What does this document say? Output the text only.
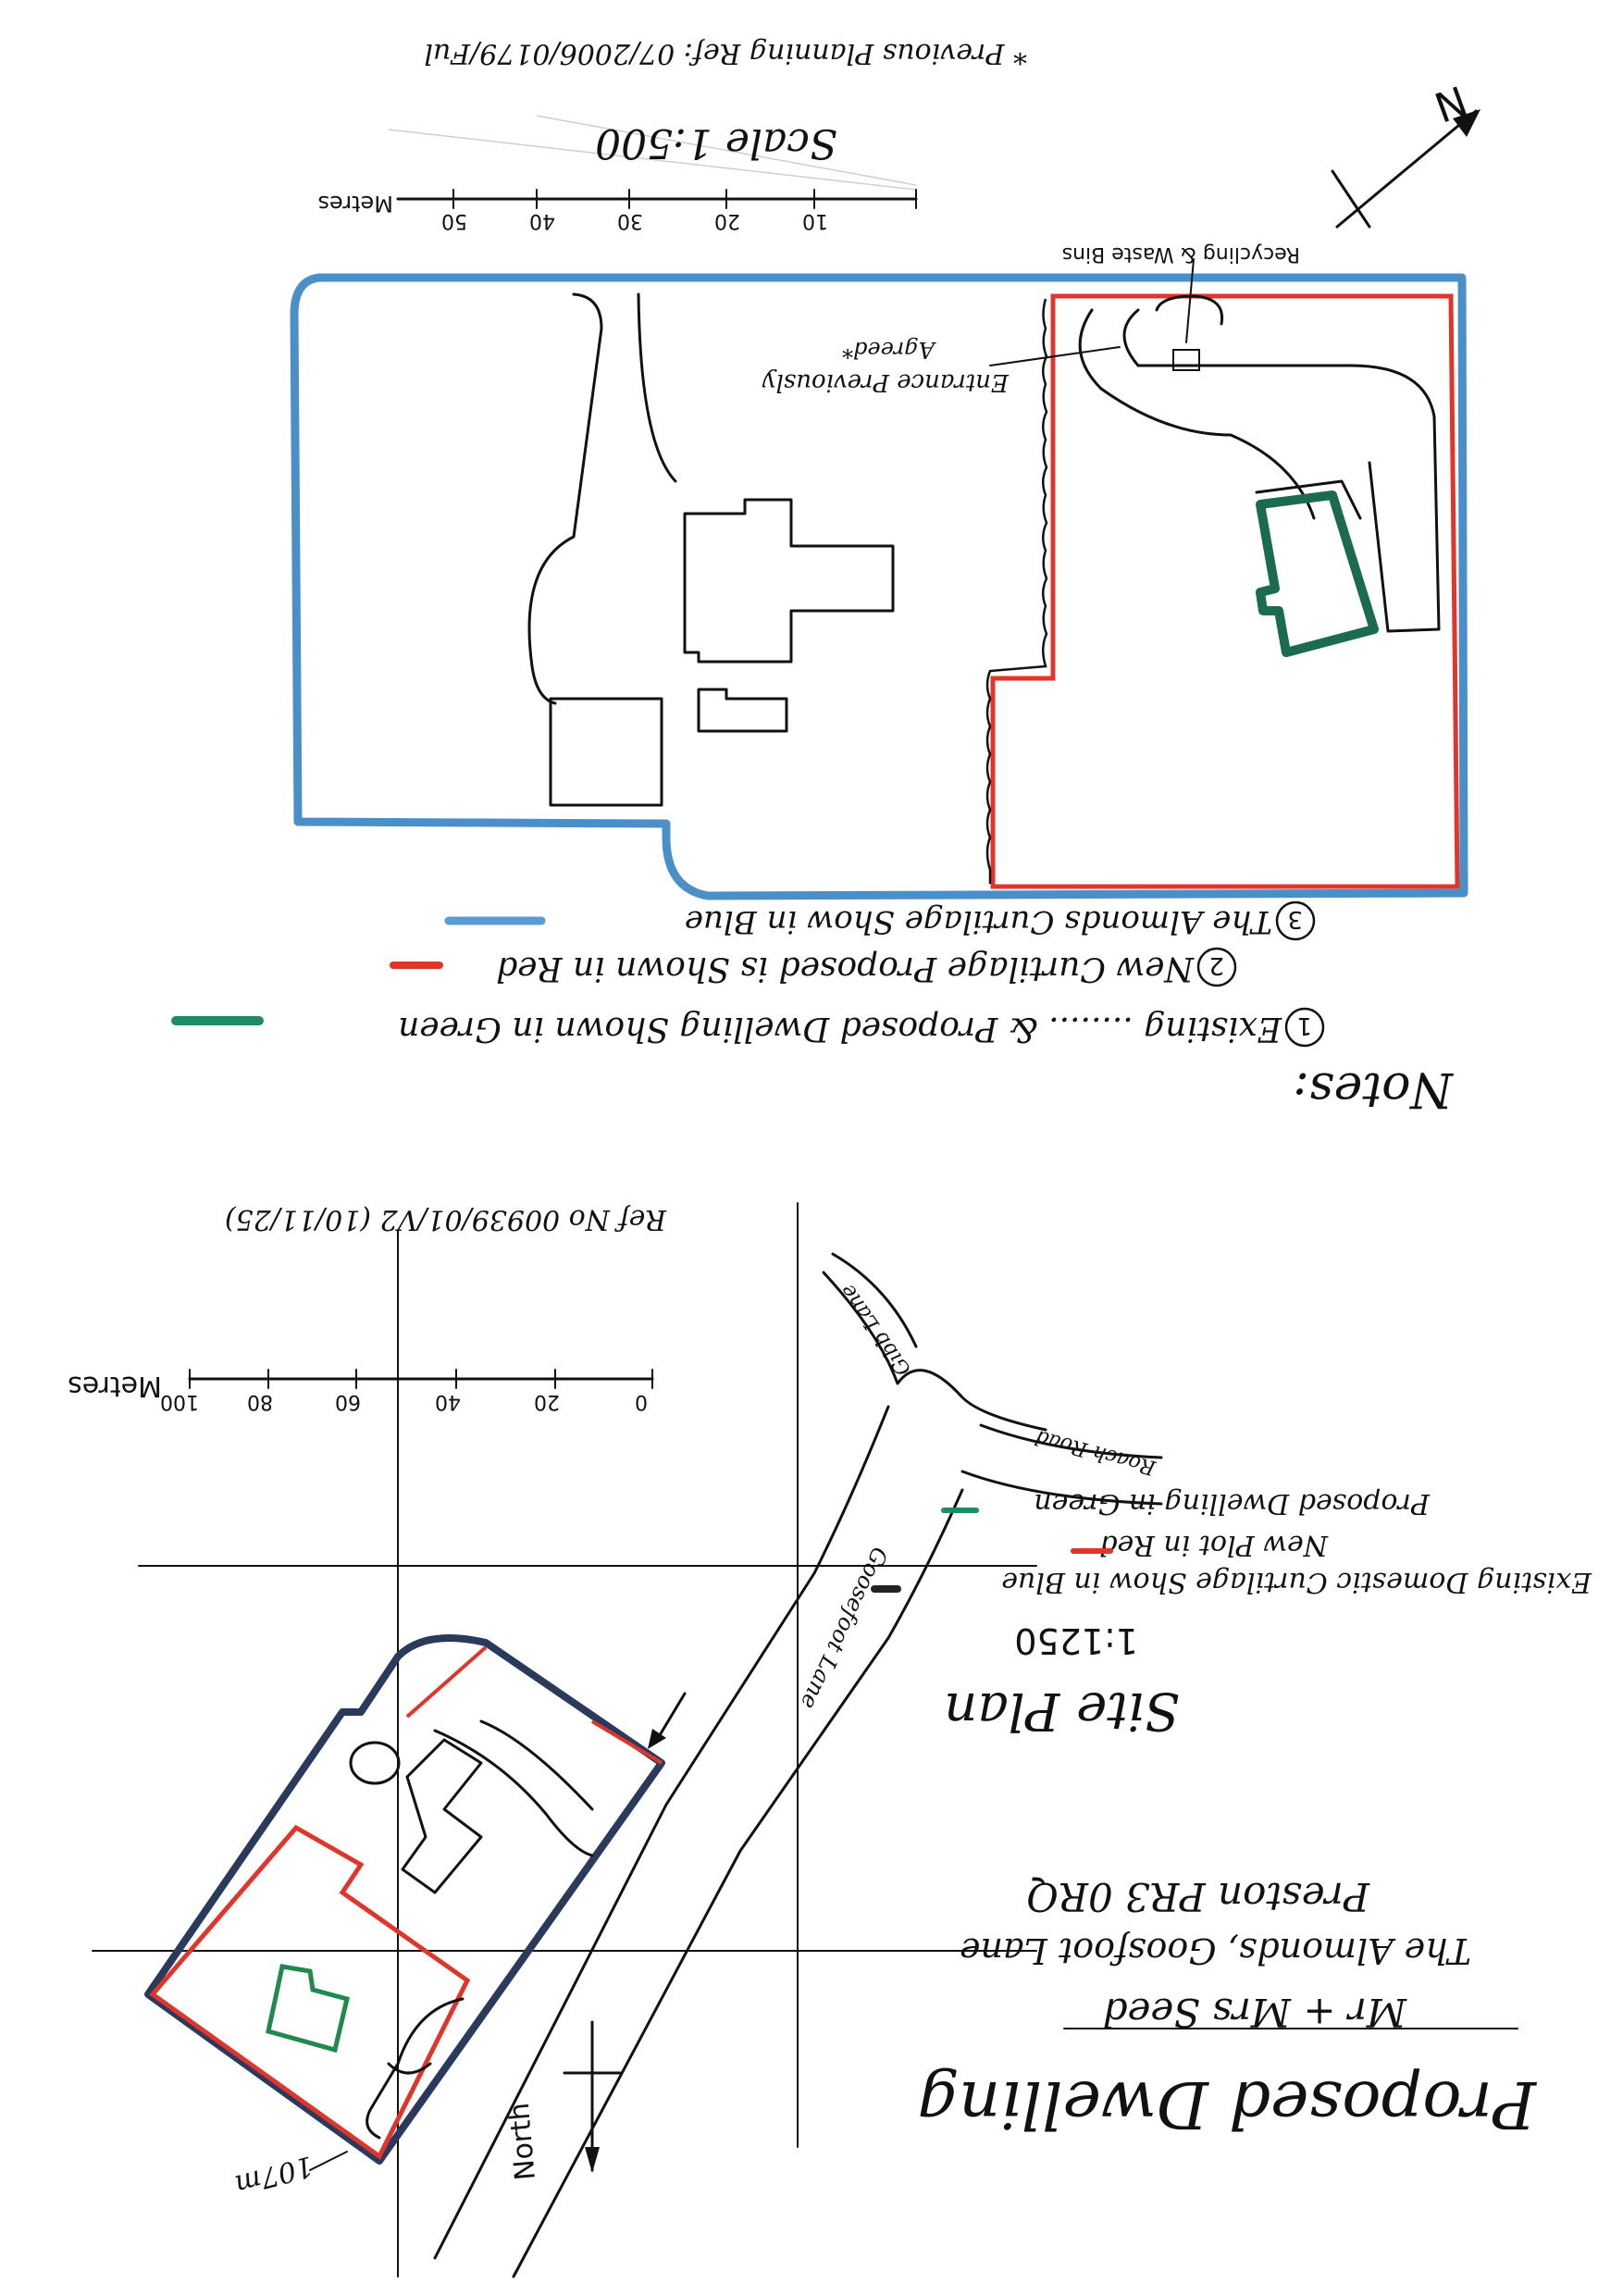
* Previous Planning Ref: 07/2006/0179/Ful
N
Scale 1:500
10
20
30
40
50
Metres
Recycling & Waste Bins
Entrance Previously
Agreed*
Notes:
1
Existing ........ & Proposed Dwelling Shown in Green
2
New Curtilage Proposed is Shown in Red
3
The Almonds Curtilage Show in Blue
Ref No 00939/01/V2 (10/11/25)
0
20
40
60
80
100
Metres
Gibb Lane
Roach Road
Goosefoot Lane
Proposed Dwelling in Green
New Plot in Red
Existing Domestic Curtilage Show in Blue
1:1250
Site Plan
Preston PR3 0RQ
The Almonds, Goosfoot Lane
Mr + Mrs Seed
Proposed Dwelling
107m	North
